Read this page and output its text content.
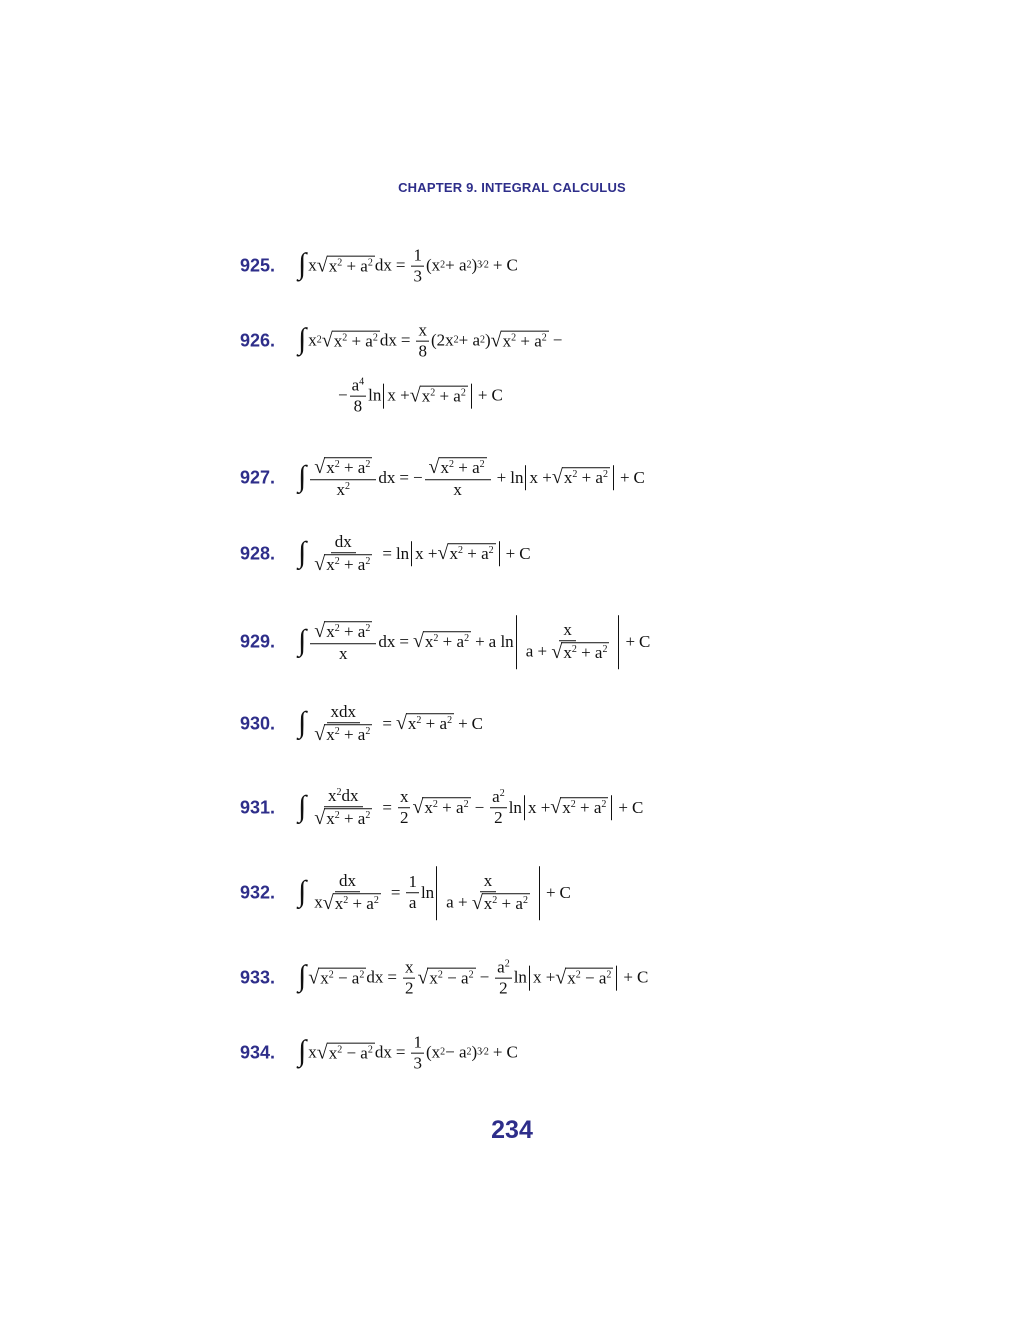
CHAPTER 9. INTEGRAL CALCULUS
925. ∫ x √ $x^2 + a^2$ dx = $\frac{1}{3} (x$ 2 + a 2 ) 3⁄2 + C
926. ∫ x 2 √ $x^2 + a^2$ dx = $\frac{x}{8} (2x$ 2 + a 2 ) √ $x^2 + a^2$ −
−
$a^4$
8
ln x + √ $x^2 + a^2 + C$
927. ∫ $\frac{√ x^2 + a^2}{x^2}$ dx = − $\frac{√ x^2 + a^2}{x} + \ln x$ + √ $x^2 + a^2 + C$
928. ∫ $\frac{dx}{√ x^2 + a^2} = \ln x$ + √ $x^2 + a^2 + C$
929. ∫ $\frac{√ x^2 + a^2}{x}$ dx = √ $x^2 + a^2 + a$ ln
x
a + √ $x^2 + a^2 + C$
930. ∫ xdx
√ $x^2 + a^2$ = √ $x^2 + a^2 + C$
931. ∫ $\frac{x^2dx}{√ x^2 + a^2} = \frac{x}{2}$ √ $x^2 + a^2 - \frac{a^2}{2}$ ln x + √ $x^2 + a^2 + C$
932. ∫ $\frac{dx}{x √ x^2 + a^2} = \frac{1}{a}$ ln
x
a + √ $x^2 + a^2 + C$
933. ∫ √ $x^2 - a^2$ dx = $\frac{x}{2}$ √ $x^2 - a^2 - \frac{a^2}{2}$ ln x + √ $x^2 - a^2 + C$
934. ∫ x √ $x^2 - a^2$ dx = $\frac{1}{3} (x$ 2 − a 2 ) 3⁄2 + C
234
